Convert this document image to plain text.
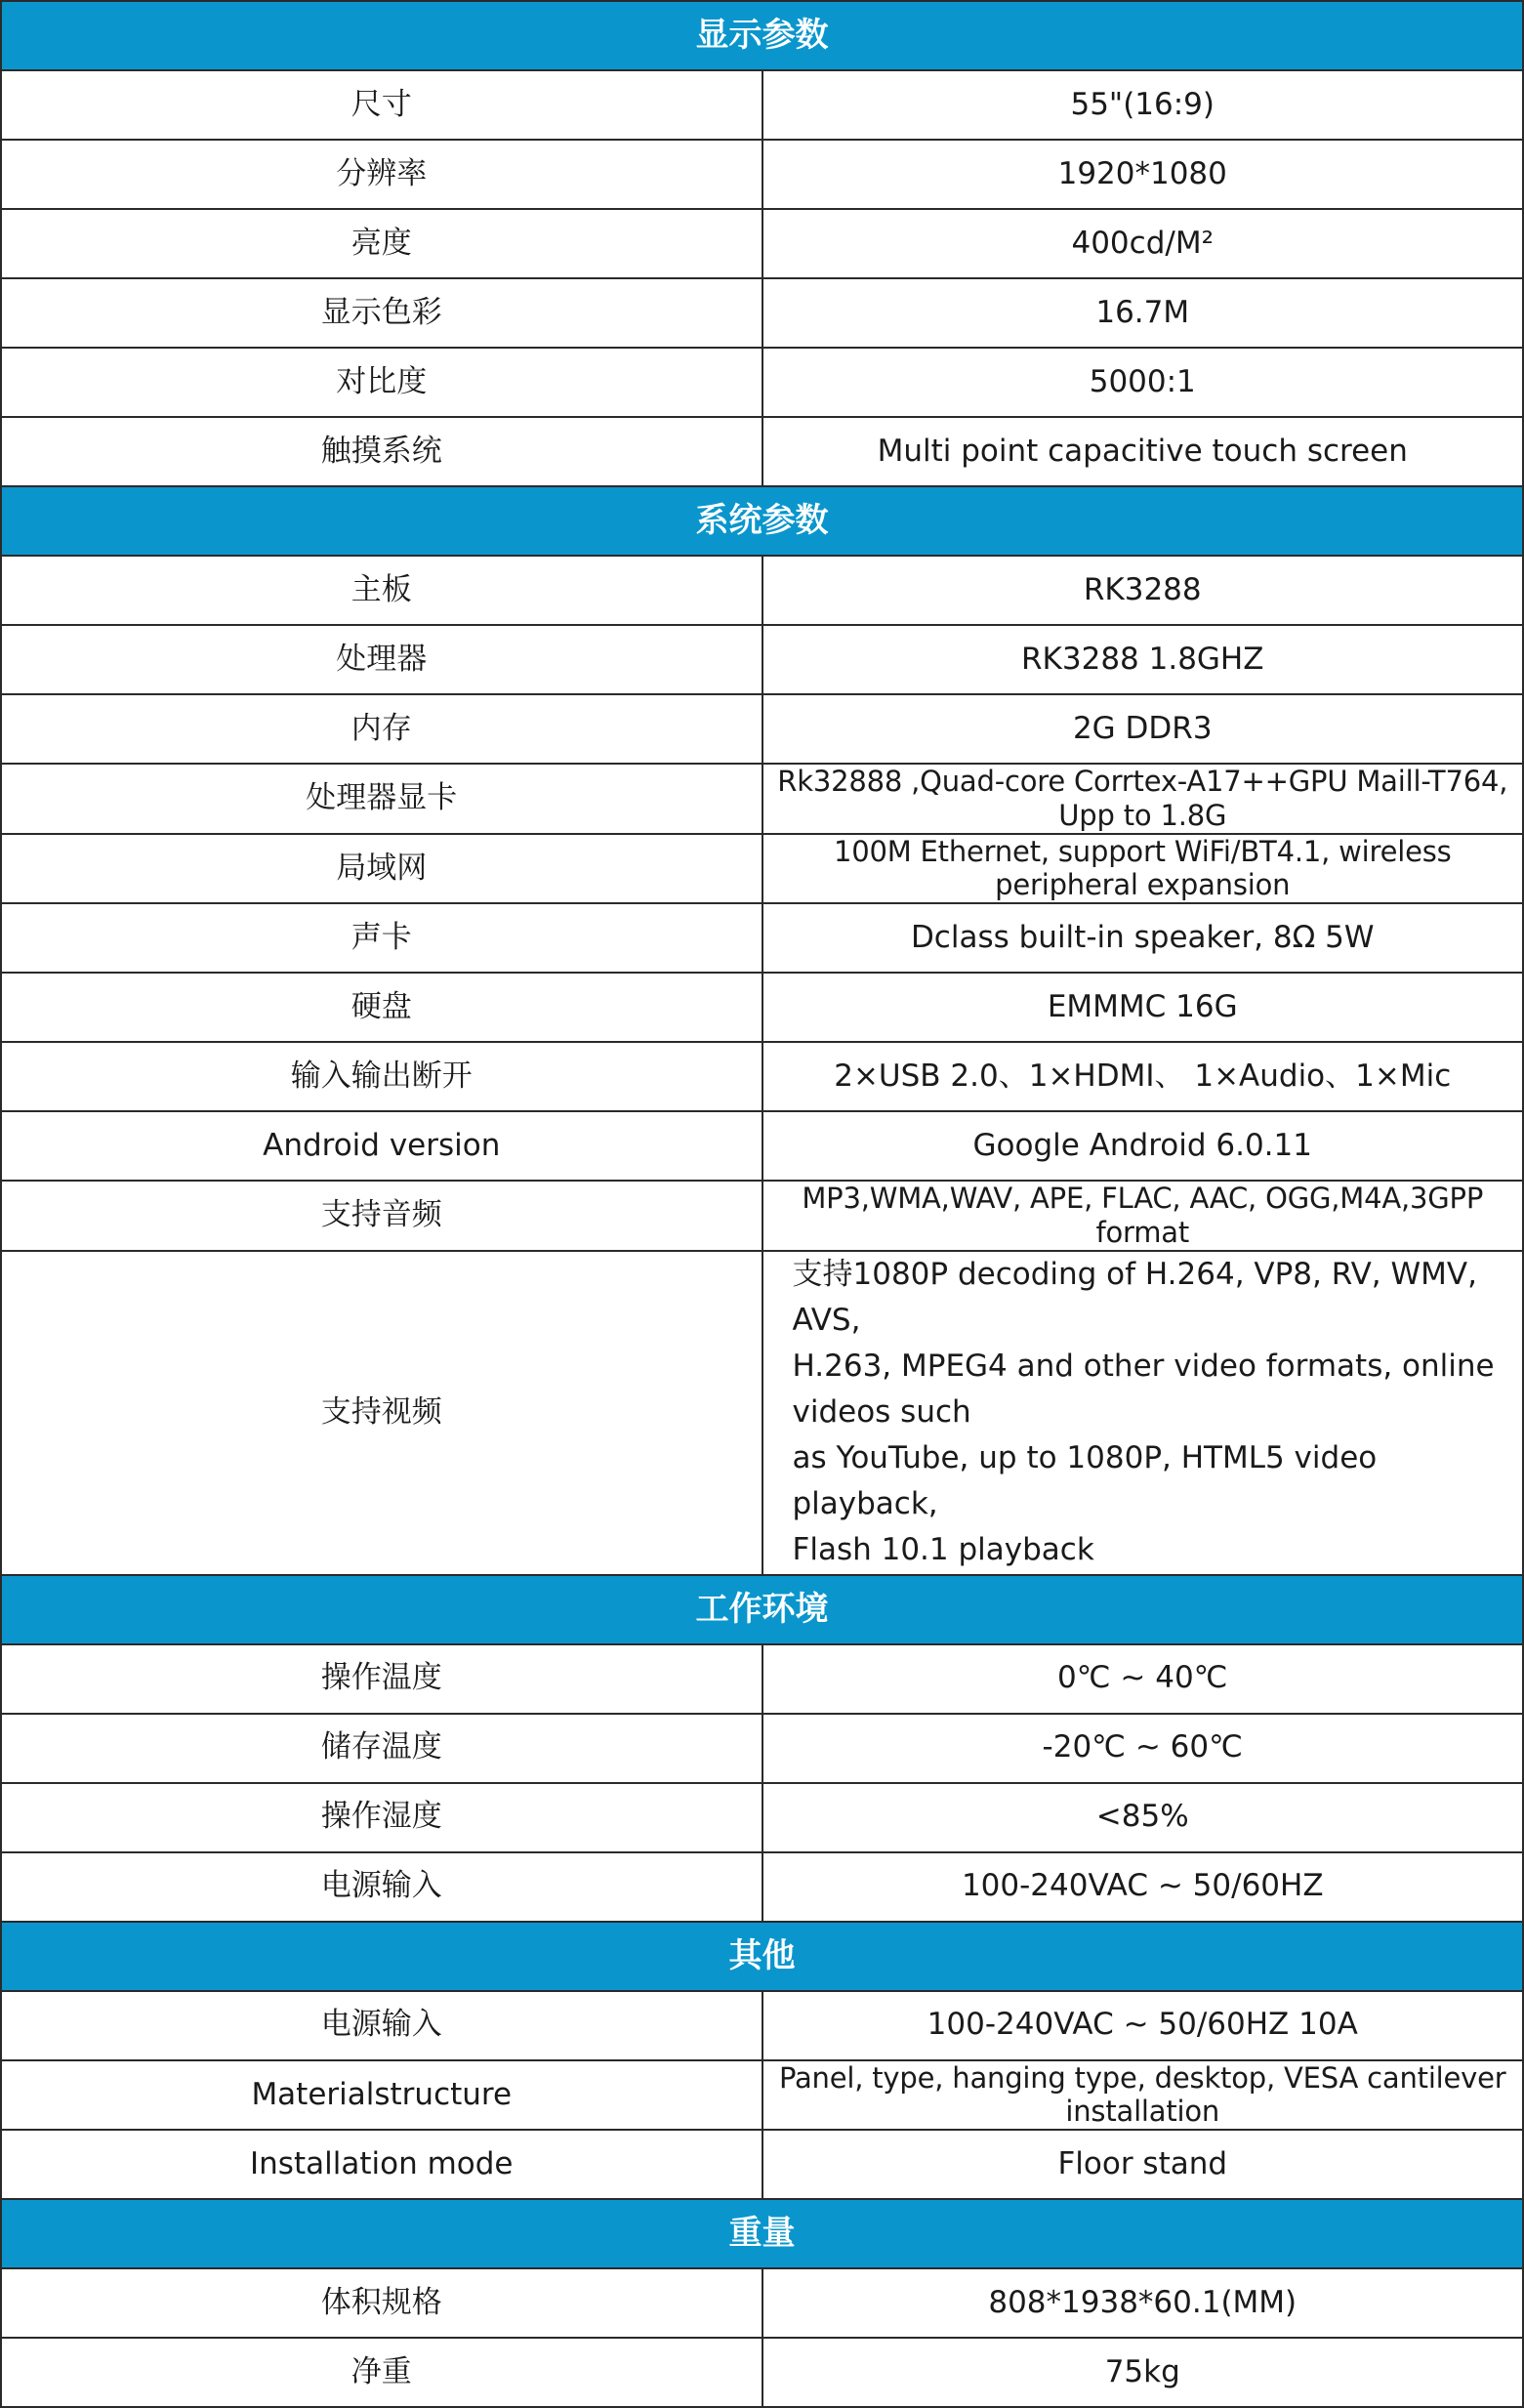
显示参数	
尺寸	55"(16:9)
分辨率	1920*1080
亮度	400cd/M²
显示色彩	16.7M
对比度	5000:1
触摸系统	Multi point capacitive touch screen
系统参数	
主板	RK3288
处理器	RK3288 1.8GHZ
内存	2G DDR3
处理器显卡	Rk32888 ,Quad-core Corrtex-A17++GPU Maill-T764, Upp to 1.8G
局域网	100M Ethernet, support WiFi/BT4.1, wireless peripheral expansion
声卡	Dclass built-in speaker, 8Ω 5W
硬盘	EMMMC 16G
输入输出断开	2×USB 2.0、1×HDMI、 1×Audio、1×Mic
Android version	Google Android 6.0.11
支持音频	MP3,WMA,WAV, APE, FLAC, AAC, OGG,M4A,3GPP format
支持视频	支持1080P decoding of H.264, VP8, RV, WMV, AVS,
H.263, MPEG4 and other video formats, online videos such
as YouTube, up to 1080P, HTML5 video playback,
Flash 10.1 playback

工作环境	
操作温度	0℃ ~ 40℃
储存温度	-20℃ ~ 60℃
操作湿度	<85%
电源输入	100-240VAC ~ 50/60HZ
其他	
电源输入	100-240VAC ~ 50/60HZ 10A
Materialstructure	Panel, type, hanging type, desktop, VESA cantilever installation
Installation mode	Floor stand
重量	
体积规格	808*1938*60.1(MM)
净重	75kg
